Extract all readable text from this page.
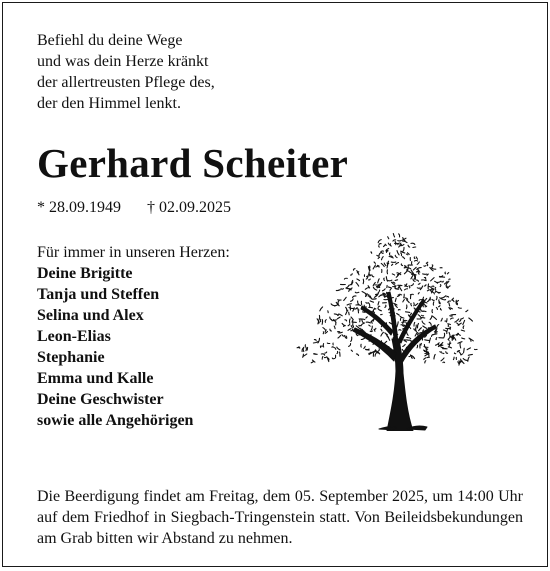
Befiehl du deine Wege
und was dein Herze kränkt
der allertreusten Pflege des,
der den Himmel lenkt.
Gerhard Scheiter
* 28.09.1949 † 02.09.2025
Für immer in unseren Herzen:
Deine Brigitte
Tanja und Steffen
Selina und Alex
Leon-Elias
Stephanie
Emma und Kalle
Deine Geschwister
sowie alle Angehörigen
Die Beerdigung findet am Freitag, dem 05. September 2025, um 14:00 Uhr auf dem Friedhof in Siegbach-Tringenstein statt. Von Beileidsbekundungen am Grab bitten wir Abstand zu nehmen.
